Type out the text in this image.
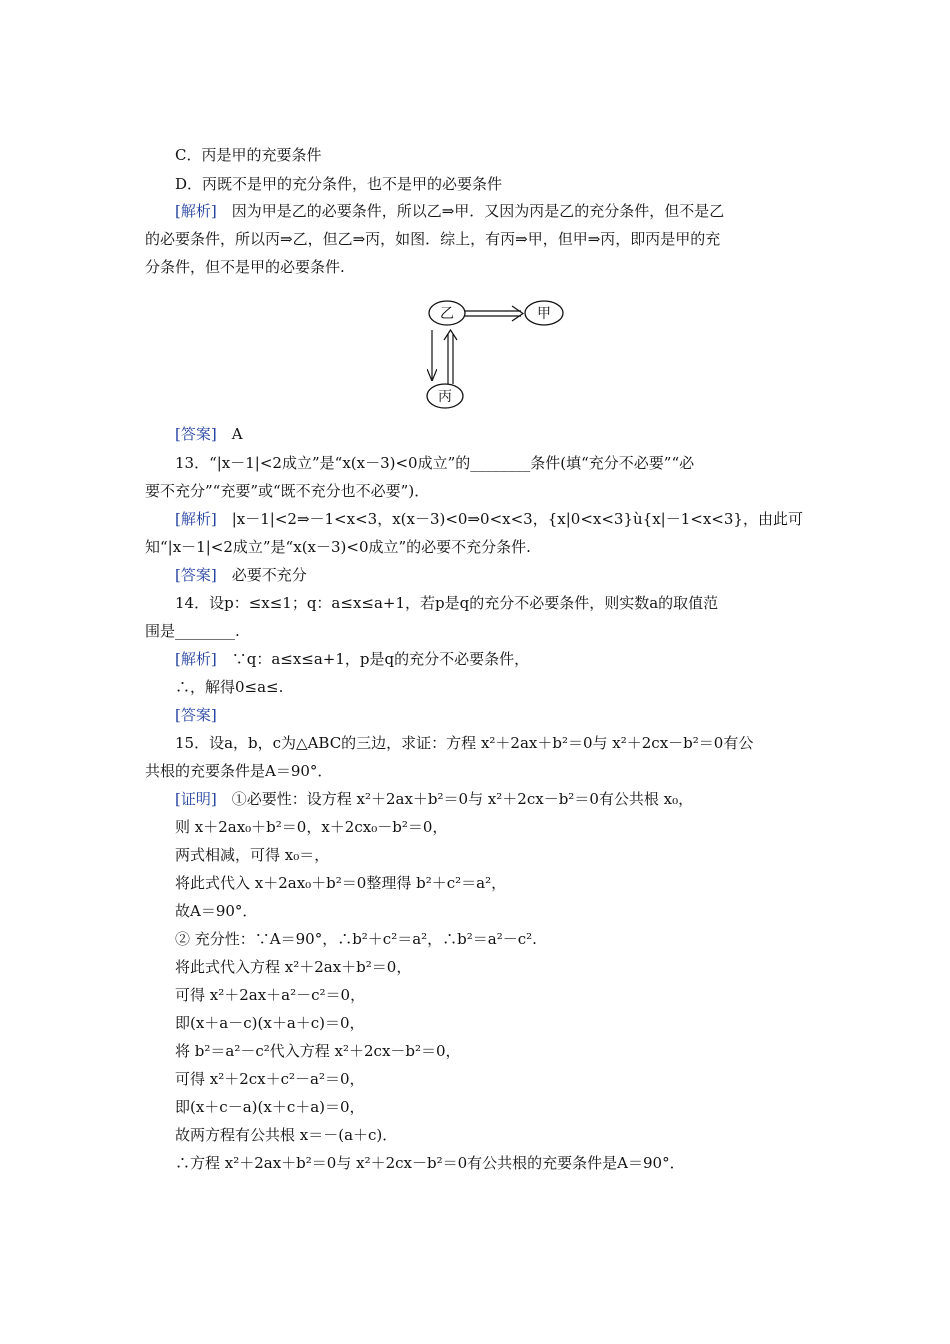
C．丙是甲的充要条件
D．丙既不是甲的充分条件，也不是甲的必要条件
[解析]　因为甲是乙的必要条件，所以乙⇒甲．又因为丙是乙的充分条件，但不是乙
的必要条件，所以丙⇒乙，但乙⇒丙，如图．综上，有丙⇒甲，但甲⇒丙，即丙是甲的充
分条件，但不是甲的必要条件.
[答案]　A
13．“|x－1|<2成立”是“x(x－3)<0成立”的________条件(填“充分不必要”“必
要不充分”“充要”或“既不充分也不必要”)．
[解析]　|x－1|<2⇒－1<x<3，x(x－3)<0⇒0<x<3，{x|0<x<3}ù{x|－1<x<3}，由此可
知“|x－1|<2成立”是“x(x－3)<0成立”的必要不充分条件.
[答案]　必要不充分
14．设p：≤x≤1；q：a≤x≤a+1，若p是q的充分不必要条件，则实数a的取值范
围是________.
[解析]　∵q：a≤x≤a+1，p是q的充分不必要条件，
∴，解得0≤a≤.
[答案]
15．设a，b，c为△ABC的三边，求证：方程 x²＋2ax＋b²＝0与 x²＋2cx－b²＝0有公
共根的充要条件是A＝90°．
[证明]　①必要性：设方程 x²＋2ax＋b²＝0与 x²＋2cx－b²＝0有公共根 x₀，
则 x＋2ax₀＋b²＝0，x＋2cx₀－b²＝0，
两式相减，可得 x₀＝，
将此式代入 x＋2ax₀＋b²＝0整理得 b²＋c²＝a²，
故A＝90°．
② 充分性：∵A＝90°，∴b²＋c²＝a²，∴b²＝a²－c².
将此式代入方程 x²＋2ax＋b²＝0，
可得 x²＋2ax＋a²－c²＝0，
即(x＋a－c)(x＋a＋c)＝0，
将 b²＝a²－c²代入方程 x²＋2cx－b²＝0，
可得 x²＋2cx＋c²－a²＝0，
即(x＋c－a)(x＋c＋a)＝0，
故两方程有公共根 x＝－(a＋c)．
∴方程 x²＋2ax＋b²＝0与 x²＋2cx－b²＝0有公共根的充要条件是A＝90°．
乙	甲
丙
